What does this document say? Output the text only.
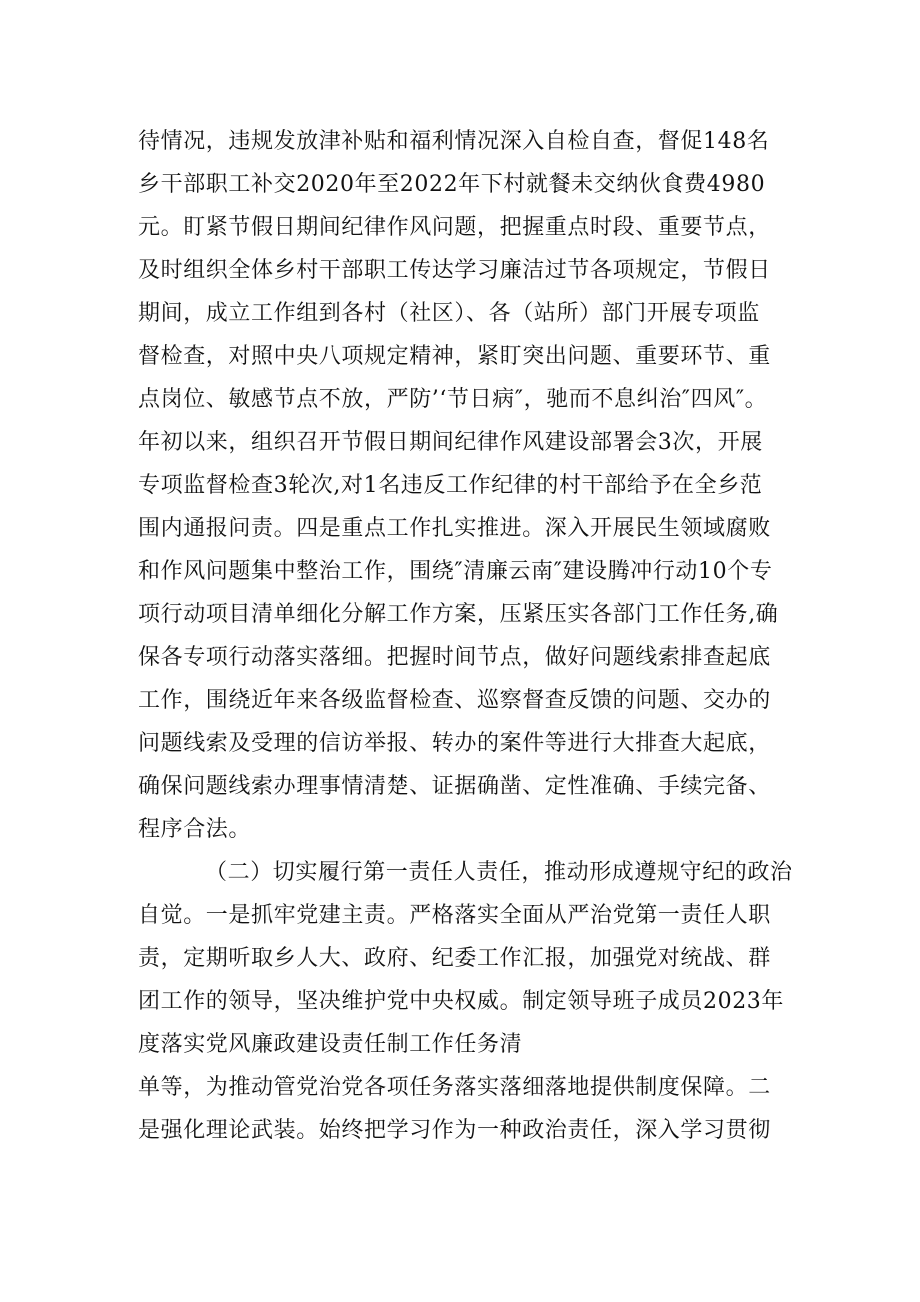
待情况，违规发放津补贴和福利情况深入自检自查，督促148名
乡干部职工补交2020年至2022年下村就餐未交纳伙食费4980
元。盯紧节假日期间纪律作风问题，把握重点时段、重要节点，
及时组织全体乡村干部职工传达学习廉洁过节各项规定，节假日
期间，成立工作组到各村（社区）、各（站所）部门开展专项监
督检查，对照中央八项规定精神，紧盯突出问题、重要环节、重
点岗位、敏感节点不放，严防’‘节日病″，驰而不息纠治″四风″。
年初以来，组织召开节假日期间纪律作风建设部署会3次，开展
专项监督检查3轮次,对1名违反工作纪律的村干部给予在全乡范
围内通报问责。四是重点工作扎实推进。深入开展民生领域腐败
和作风问题集中整治工作，围绕″清廉云南″建设腾冲行动10个专
项行动项目清单细化分解工作方案，压紧压实各部门工作任务,确
保各专项行动落实落细。把握时间节点，做好问题线索排查起底
工作，围绕近年来各级监督检查、巡察督查反馈的问题、交办的
问题线索及受理的信访举报、转办的案件等进行大排查大起底，
确保问题线索办理事情清楚、证据确凿、定性准确、手续完备、
程序合法。
（二）切实履行第一责任人责任，推动形成遵规守纪的政治
自觉。一是抓牢党建主责。严格落实全面从严治党第一责任人职
责，定期听取乡人大、政府、纪委工作汇报，加强党对统战、群
团工作的领导，坚决维护党中央权威。制定领导班子成员2023年
度落实党风廉政建设责任制工作任务清
单等，为推动管党治党各项任务落实落细落地提供制度保障。二
是强化理论武装。始终把学习作为一种政治责任，深入学习贯彻
